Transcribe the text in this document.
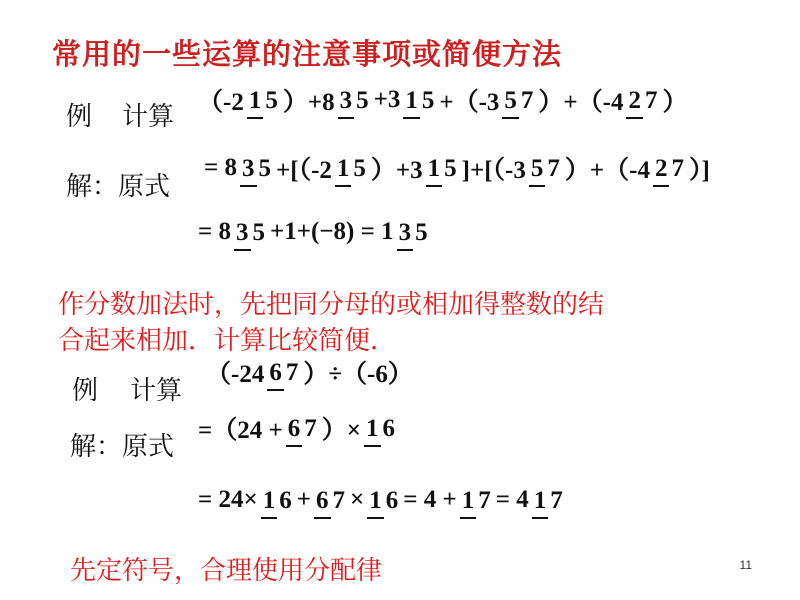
常用的一些运算的注意事项或简便方法
例 计算 （-2 1 5 ）+8 3 5 +3 1 5 +（-3 5 7 ）+（-4 2 7 ）
解：原式
= 8 3 5 +[（-2 1 5 ）+3 1 5 ]+[（-3 5 7 ）+（-4 2 7 ）]
= 8 3 5 +1+(−8) = 1 3 5
作分数加法时，先把同分母的或相加得整数的结
合起来相加．计算比较简便．
例 计算
（-24 6 7 ）÷（-6）
解：原式
=（24 + 6 7 ）× 1 6
= 24× 1 6 + 6 7 × 1 6 = 4 + 1 7 = 4 1 7
先定符号，合理使用分配律	11
